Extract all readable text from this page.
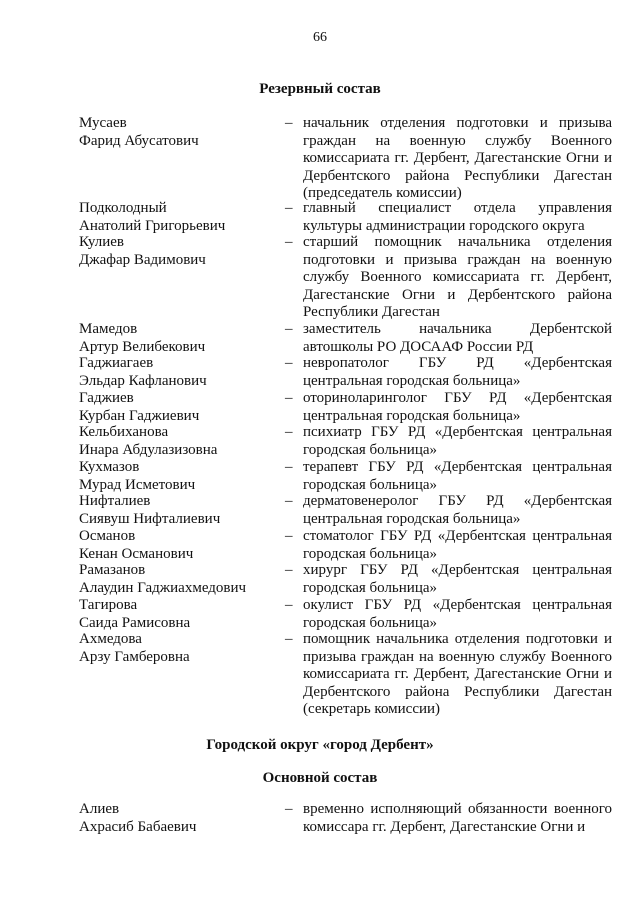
66
Резервный состав
Мусаев
Фарид Абусатович
– начальник отделения подготовки и призыва граждан на военную службу Военного комиссариата гг. Дербент, Дагестанские Огни и Дербентского района Республики Дагестан (председатель комиссии)
Подколодный
Анатолий Григорьевич
– главный специалист отдела управления культуры администрации городского округа
Кулиев
Джафар Вадимович
– старший помощник начальника отделения подготовки и призыва граждан на военную службу Военного комиссариата гг. Дербент, Дагестанские Огни и Дербентского района Республики Дагестан
Мамедов
Артур Велибекович
– заместитель начальника Дербентской автошколы РО ДОСААФ России РД
Гаджиагаев
Эльдар Кафланович
– невропатолог ГБУ РД «Дербентская центральная городская больница»
Гаджиев
Курбан Гаджиевич
– оториноларинголог ГБУ РД «Дербентская центральная городская больница»
Кельбиханова
Инара Абдулазизовна
– психиатр ГБУ РД «Дербентская центральная городская больница»
Кухмазов
Мурад Исметович
– терапевт ГБУ РД «Дербентская центральная городская больница»
Нифталиев
Сиявуш Нифталиевич
– дерматовенеролог ГБУ РД «Дербентская центральная городская больница»
Османов
Кенан Османович
– стоматолог ГБУ РД «Дербентская центральная городская больница»
Рамазанов
Алаудин Гаджиахмедович
– хирург ГБУ РД «Дербентская центральная городская больница»
Тагирова
Саида Рамисовна
– окулист ГБУ РД «Дербентская центральная городская больница»
Ахмедова
Арзу Гамберовна
– помощник начальника отделения подготовки и призыва граждан на военную службу Военного комиссариата гг. Дербент, Дагестанские Огни и Дербентского района Республики Дагестан (секретарь комиссии)
Городской округ «город Дербент»
Основной состав
Алиев
Ахрасиб Бабаевич
– временно исполняющий обязанности военного комиссара гг. Дербент, Дагестанские Огни и
